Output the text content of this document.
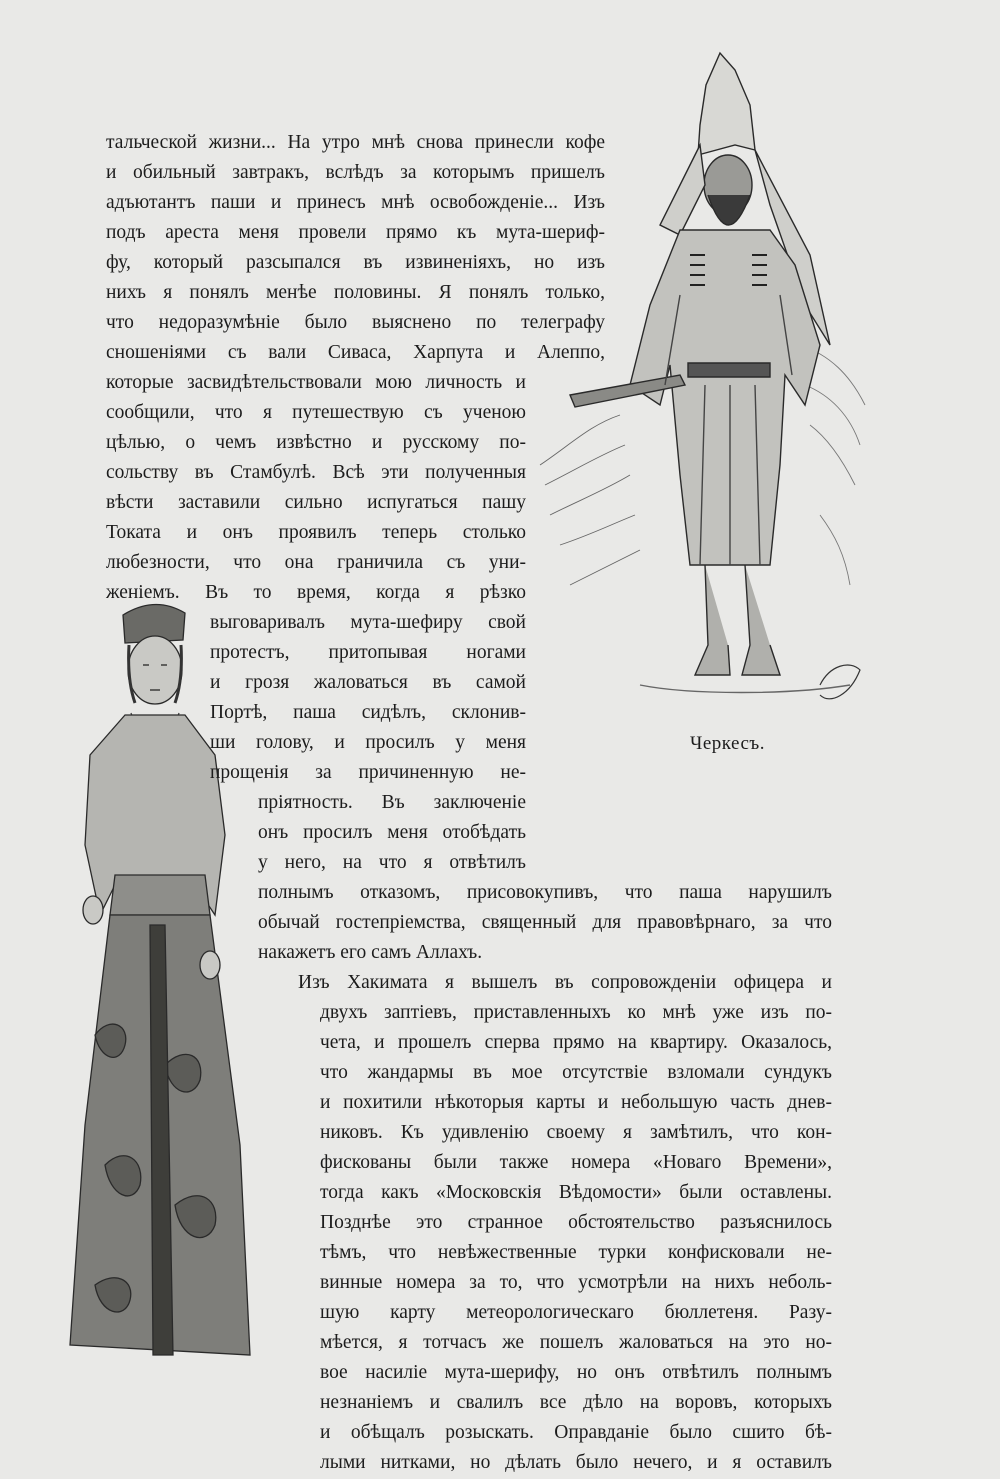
Черкесъ.
тальческой жизни... На утро мнѣ снова принесли кофе
и обильный завтракъ, вслѣдъ за которымъ пришелъ
адъютантъ паши и принесъ мнѣ освобожденіе... Изъ
подъ ареста меня провели прямо къ мута-шериф-
фу, который разсыпался въ извиненіяхъ, но изъ
нихъ я понялъ менѣе половины. Я понялъ только,
что недоразумѣніе было выяснено по телеграфу
сношеніями съ вали Сиваса, Харпута и Алеппо,
которые засвидѣтельствовали мою личность и
сообщили, что я путешествую съ ученою
цѣлью, о чемъ извѣстно и русскому по-
сольству въ Стамбулѣ. Всѣ эти полученныя
вѣсти заставили сильно испугаться пашу
Токата и онъ проявилъ теперь столько
любезности, что она граничила съ уни-
женіемъ. Въ то время, когда я рѣзко
выговаривалъ мута-шефиру свой
протестъ, притопывая ногами
и грозя жаловаться въ самой
Портѣ, паша сидѣлъ, склонив-
ши голову, и просилъ у меня
прощенія за причиненную не-
пріятность. Въ заключеніе
онъ просилъ меня отобѣдать
у него, на что я отвѣтилъ
полнымъ отказомъ, присовокупивъ, что паша нарушилъ
обычай гостепріемства, священный для правовѣрнаго, за что
накажетъ его самъ Аллахъ.
Изъ Хакимата я вышелъ въ сопровожденіи офицера и
двухъ заптіевъ, приставленныхъ ко мнѣ уже изъ по-
чета, и прошелъ сперва прямо на квартиру. Оказалось,
что жандармы въ мое отсутствіе взломали сундукъ
и похитили нѣкоторыя карты и небольшую часть днев-
никовъ. Къ удивленію своему я замѣтилъ, что кон-
фискованы были также номера «Новаго Времени»,
тогда какъ «Московскія Вѣдомости» были оставлены.
Позднѣе это странное обстоятельство разъяснилось
тѣмъ, что невѣжественные турки конфисковали не-
винные номера за то, что усмотрѣли на нихъ неболь-
шую карту метеорологическаго бюллетеня. Разу-
мѣется, я тотчасъ же пошелъ жаловаться на это но-
вое насиліе мута-шерифу, но онъ отвѣтилъ полнымъ
незнаніемъ и свалилъ все дѣло на воровъ, которыхъ
и обѣщалъ розыскать. Оправданіе было сшито бѣ-
лыми нитками, но дѣлать было нечего, и я оставилъ
